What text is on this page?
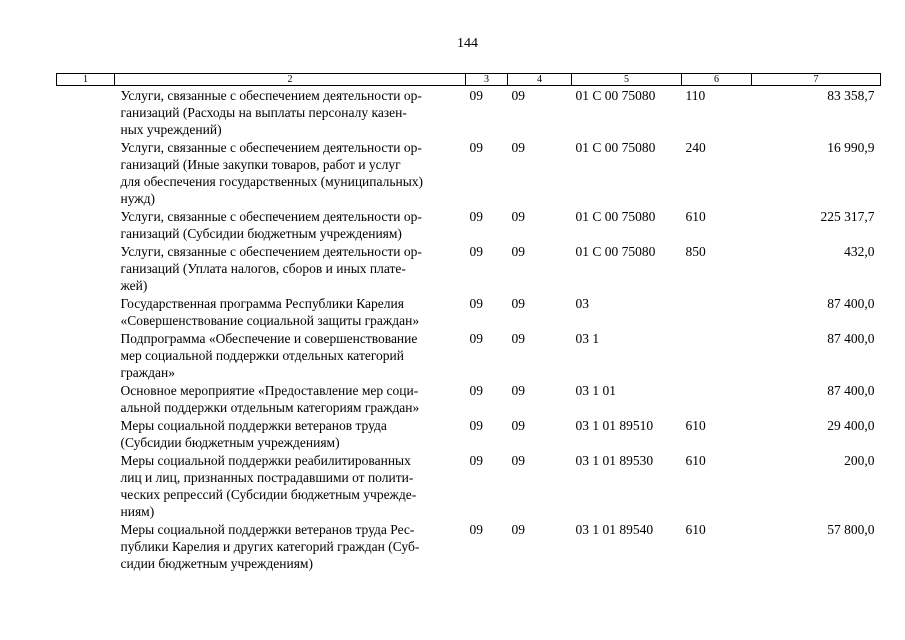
144
1	2	3	4	5	6	7

	Услуги, связанные с обеспечением деятельности ор-
ганизаций (Расходы на выплаты персоналу казен-
ных учреждений)	09	09	01 С 00 75080	110	83 358,7

	Услуги, связанные с обеспечением деятельности ор-
ганизаций (Иные закупки товаров, работ и услуг
для обеспечения государственных (муниципальных)
нужд)	09	09	01 С 00 75080	240	16 990,9

	Услуги, связанные с обеспечением деятельности ор-
ганизаций (Субсидии бюджетным учреждениям)	09	09	01 С 00 75080	610	225 317,7

	Услуги, связанные с обеспечением деятельности ор-
ганизаций (Уплата налогов, сборов и иных плате-
жей)	09	09	01 С 00 75080	850	432,0

	Государственная программа Республики Карелия
«Совершенствование социальной защиты граждан»	09	09	03		87 400,0

	Подпрограмма «Обеспечение и совершенствование
мер социальной поддержки отдельных категорий
граждан»	09	09	03 1		87 400,0

	Основное мероприятие «Предоставление мер соци-
альной поддержки отдельным категориям граждан»	09	09	03 1 01		87 400,0

	Меры социальной поддержки ветеранов труда
(Субсидии бюджетным учреждениям)	09	09	03 1 01 89510	610	29 400,0

	Меры социальной поддержки реабилитированных
лиц и лиц, признанных пострадавшими от полити-
ческих репрессий (Субсидии бюджетным учрежде-
ниям)	09	09	03 1 01 89530	610	200,0

	Меры социальной поддержки ветеранов труда Рес-
публики Карелия и других категорий граждан (Суб-
сидии бюджетным учреждениям)	09	09	03 1 01 89540	610	57 800,0
